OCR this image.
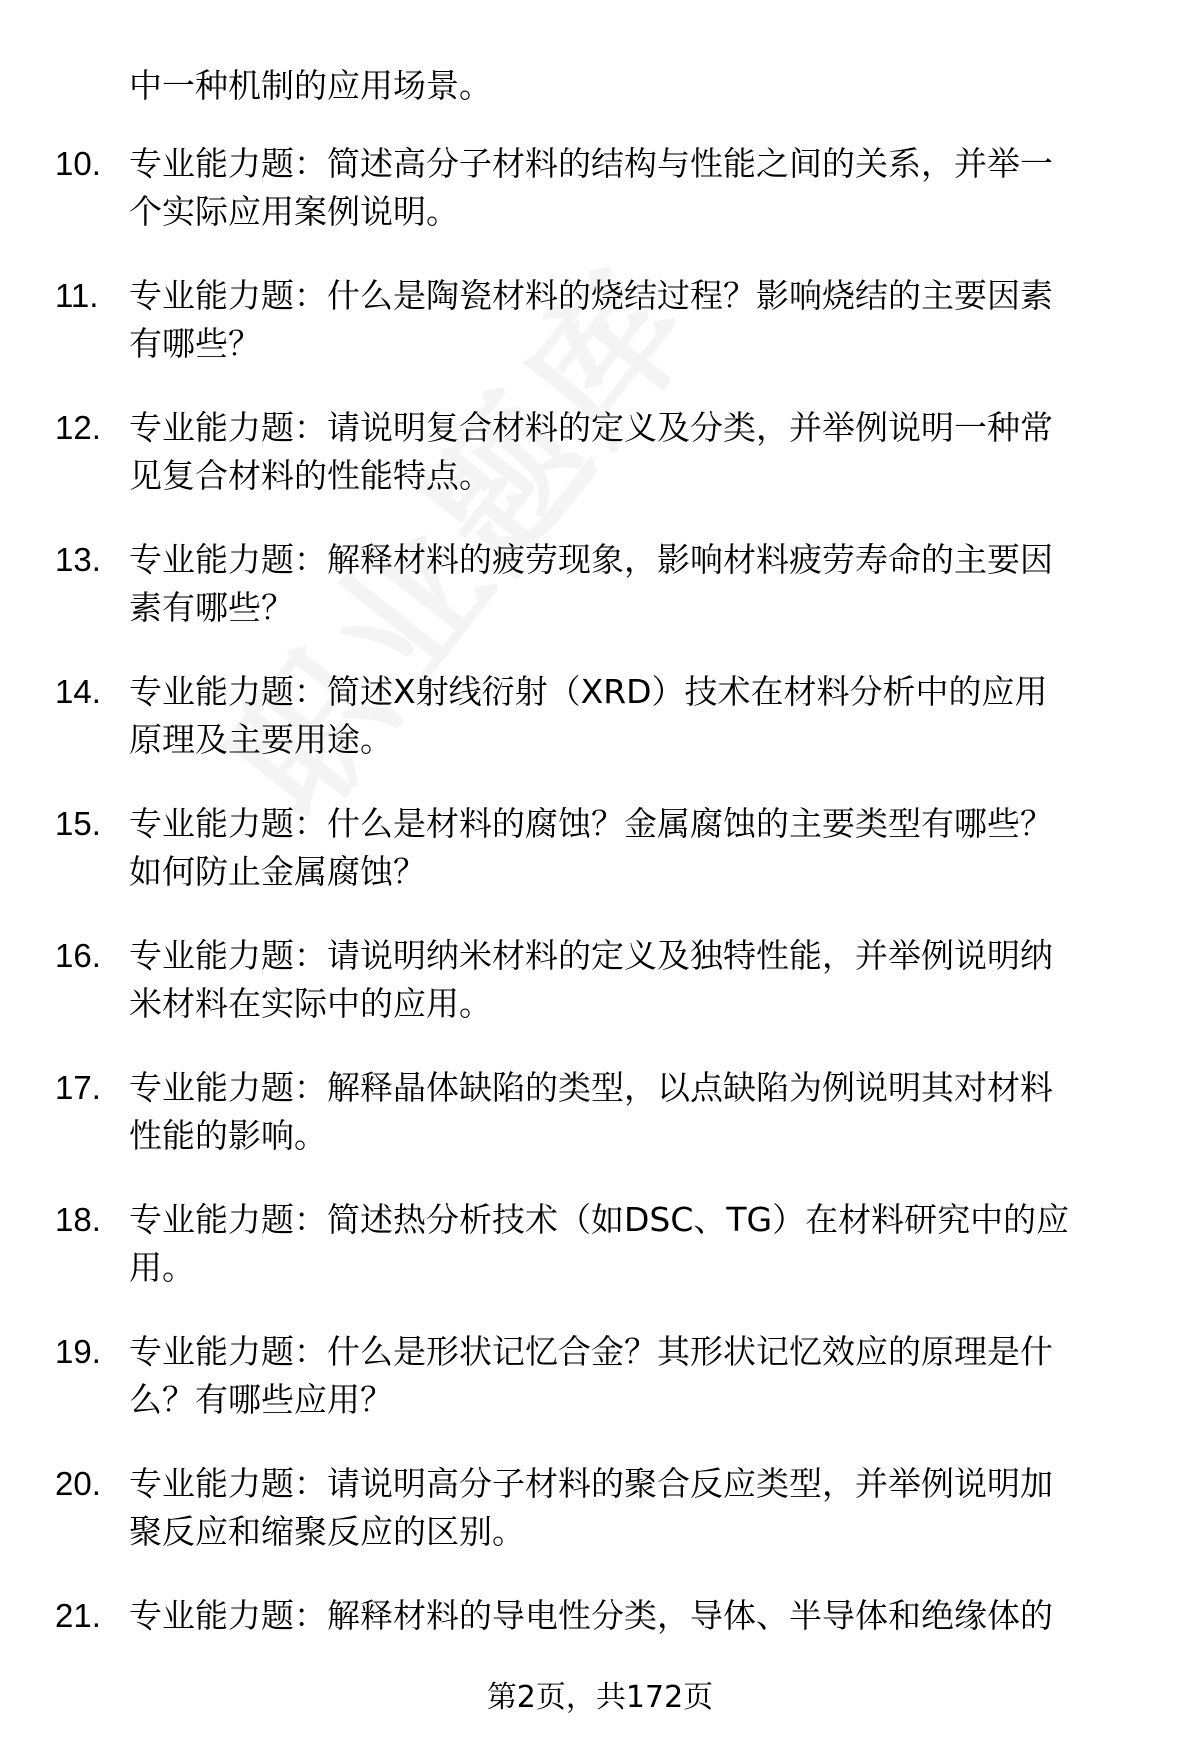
中一种机制的应用场景。
10. 专业能力题：简述高分子材料的结构与性能之间的关系，并举一
个实际应用案例说明。
11. 专业能力题：什么是陶瓷材料的烧结过程？影响烧结的主要因素
有哪些？
12. 专业能力题：请说明复合材料的定义及分类，并举例说明一种常
见复合材料的性能特点。
13. 专业能力题：解释材料的疲劳现象，影响材料疲劳寿命的主要因
素有哪些？
14. 专业能力题：简述X射线衍射（XRD）技术在材料分析中的应用
原理及主要用途。
15. 专业能力题：什么是材料的腐蚀？金属腐蚀的主要类型有哪些？
如何防止金属腐蚀？
16. 专业能力题：请说明纳米材料的定义及独特性能，并举例说明纳
米材料在实际中的应用。
17. 专业能力题：解释晶体缺陷的类型，以点缺陷为例说明其对材料
性能的影响。
18. 专业能力题：简述热分析技术（如DSC、TG）在材料研究中的应
用。
19. 专业能力题：什么是形状记忆合金？其形状记忆效应的原理是什
么？有哪些应用？
20. 专业能力题：请说明高分子材料的聚合反应类型，并举例说明加
聚反应和缩聚反应的区别。
21. 专业能力题：解释材料的导电性分类，导体、半导体和绝缘体的
第2页，共172页
